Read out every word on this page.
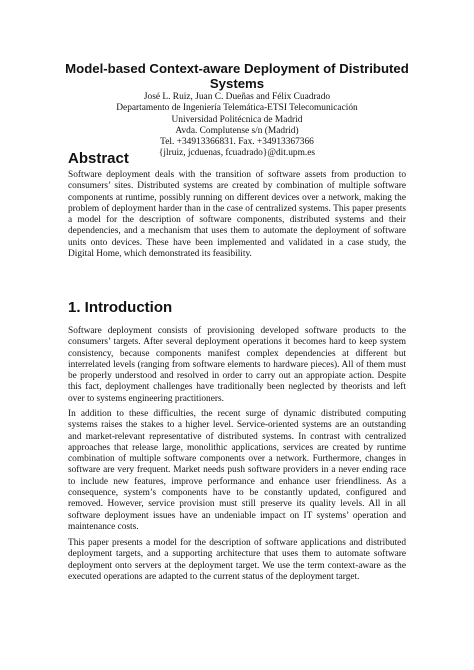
Model-based Context-aware Deployment of Distributed Systems
José L. Ruiz, Juan C. Dueñas and Félix Cuadrado
Departamento de Ingeniería Telemática-ETSI Telecomunicación
Universidad Politécnica de Madrid
Avda. Complutense s/n (Madrid)
Tel. +34913366831. Fax. +34913367366
{jlruiz, jcduenas, fcuadrado}@dit.upm.es
Abstract

Software deployment deals with the transition of software assets from production to consumers’ sites. Distributed systems are created by combination of multiple software components at runtime, possibly running on different devices over a network, making the problem of deployment harder than in the case of centralized systems. This paper presents a model for the description of software components, distributed systems and their dependencies, and a mechanism that uses them to automate the deployment of software units onto devices. These have been implemented and validated in a case study, the Digital Home, which demonstrated its feasibility.

1. Introduction

Software deployment consists of provisioning developed software products to the consumers’ targets. After several deployment operations it becomes hard to keep system consistency, because components manifest complex dependencies at different but interrelated levels (ranging from software elements to hardware pieces). All of them must be properly understood and resolved in order to carry out an appropiate action. Despite this fact, deployment challenges have traditionally been neglected by theorists and left over to systems engineering practitioners.

In addition to these difficulties, the recent surge of dynamic distributed computing systems raises the stakes to a higher level. Service-oriented systems are an outstanding and market-relevant representative of distributed systems. In contrast with centralized approaches that release large, monolithic applications, services are created by runtime combination of multiple software components over a network. Furthermore, changes in software are very frequent. Market needs push software providers in a never ending race to include new features, improve performance and enhance user friendliness. As a consequence, system’s components have to be constantly updated, configured and removed. However, service provision must still preserve its quality levels. All in all software deployment issues have an undeniable impact on IT systems’ operation and maintenance costs.

This paper presents a model for the description of software applications and distributed deployment targets, and a supporting architecture that uses them to automate software deployment onto servers at the deployment target. We use the term context-aware as the executed operations are adapted to the current status of the deployment target.
